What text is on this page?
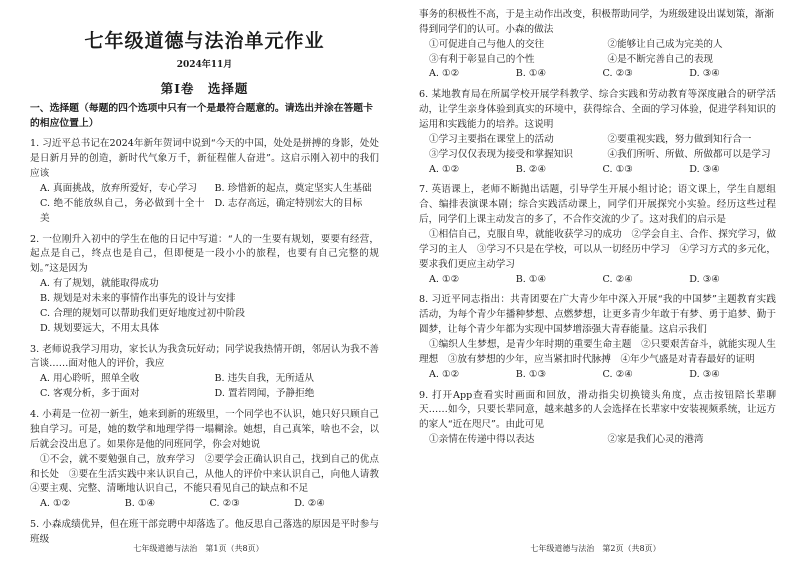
七年级道德与法治单元作业
2024年11月
第Ⅰ卷　选择题
一、选择题（每题的四个选项中只有一个是最符合题意的。请选出并涂在答题卡的相应位置上）

1. 习近平总书记在2024年新年贺词中说到“今天的中国，处处是拼搏的身影，处处是日新月异的创造，新时代气象万千，新征程催人奋进”。这启示刚入初中的我们应该

A. 真面挑战，放弃所爱好，专心学习	B. 珍惜新的起点，奠定坚实人生基础
C. 绝不能放纵自己，务必做到十全十美
D. 志存高远，确定特别宏大的目标

2. 一位刚升入初中的学生在他的日记中写道：“人的一生要有规划，要要有经营，起点是自己，终点也是自己，但即便是一段小小的旅程，也要有自己完整的规划。”这是因为

A. 有了规划，就能取得成功

B. 规划是对未来的事情作出事先的设计与安排

C. 合理的规划可以帮助我们更好地度过初中阶段

D. 规划要远大，不用太具体

3. 老师说我学习用功，家长认为我贪玩好动；同学说我热情开朗，邻居认为我不善言谈……面对他人的评价，我应

A. 用心聆听，照单全收	B. 违失自我，无所适从
C. 客观分析，多于面对	D. 置若罔闻，予静拒绝

4. 小莉是一位初一新生，她来到新的班级里，一个同学也不认识，她只好只顾自己独自学习。可是，她的数学和地理学得一塌糊涂。她想，自己真笨，啥也不会，以后就会没出息了。如果你是他的同班同学，你会对她说

①不会，就不要勉强自己，放弃学习　②要学会正确认识自己，找到自己的优点和长处　③要在生活实践中来认识自己，从他人的评价中来认识自己，向他人请教　④要主观、完整、清晰地认识自己，不能只看见自己的缺点和不足

A. ①②	B. ①④	C. ②③	D. ②④

5. 小森成绩优异，但在班干部竞聘中却落选了。他反思自己落选的原因是平时参与班级

七年级道德与法治　第1页（共8页）

事务的积极性不高，于是主动作出改变，积极帮助同学，为班级建设出谋划策，渐渐得到同学们的认可。小森的做法

①可促进自己与他人的交往	②能够让自己成为完美的人
③有利于彰显自己的个性	④是不断完善自己的表现
A. ①②	B. ①④	C. ②③	D. ③④

6. 某地教育局在所属学校开展学科教学、综合实践和劳动教育等深度融合的研学活动，让学生亲身体验到真实的环境中，获得综合、全面的学习体验，促进学科知识的运用和实践能力的培养。这说明

①学习主要指在课堂上的活动	②要重视实践，努力做到知行合一
③学习仅仅表现为接受和掌握知识	④我们所听、所做、所做都可以是学习
A. ①②	B. ②④	C. ①③	D. ③④

7. 英语课上，老师不断抛出话题，引导学生开展小组讨论；语文课上，学生自愿组合、编排表演课本剧；综合实践活动课上，同学们开展探究小实验。经历这些过程后，同学们上课主动发言的多了，不合作交流的少了。这对我们的启示是

①相信自己，克服自卑，就能收获学习的成功　②学会自主、合作、探究学习，做学习的主人　③学习不只是在学校，可以从一切经历中学习　④学习方式的多元化，要求我们更应主动学习

A. ①②	B. ①④	C. ②④	D. ③④

8. 习近平同志指出：共青团要在广大青少年中深入开展“我的中国梦”主题教育实践活动，为每个青少年播种梦想、点燃梦想，让更多青少年敢于有梦、勇于追梦、勤于圆梦，让每个青少年都为实现中国梦增添强大青春能量。这启示我们

①编织人生梦想，是青少年时期的重要生命主题　②只要艰苦奋斗，就能实现人生理想　③放有梦想的少年，应当紧扣时代脉搏　④年少气盛是对青春最好的证明

A. ①②	B. ①③	C. ②④	D. ③④

9. 打开App查看实时画面和回放，滑动指尖切换镜头角度，点击按钮陪长辈聊天……如今，只要长辈同意，越来越多的人会选择在长辈家中安装视频系统，让远方的家人“近在咫尺”。由此可见

①亲情在传递中得以表达	②家是我们心灵的港湾
七年级道德与法治　第2页（共8页）
